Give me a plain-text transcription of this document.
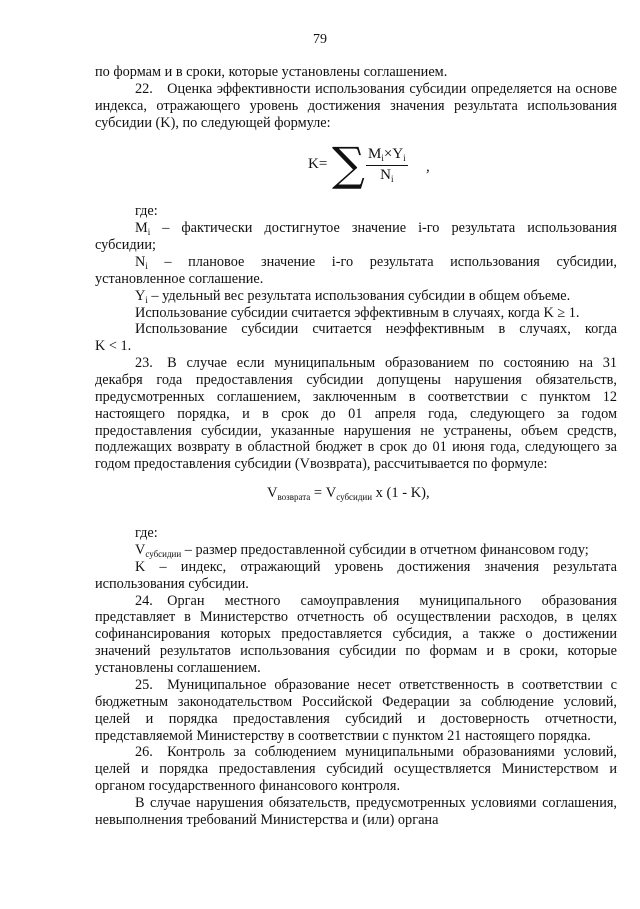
79

по формам и в сроки, которые установлены соглашением.

22. Оценка эффективности использования субсидии определяется на основе индекса, отражающего уровень достижения значения результата использования субсидии (K), по следующей формуле:

K= ∑ $\frac{M_i\times Y_i}{N_i}$ ,

где:

$M_i$ – фактически достигнутое значение i-го результата использования субсидии;

$N_i$ – плановое значение i-го результата использования субсидии, установленное соглашение.

$Y_i$ – удельный вес результата использования субсидии в общем объеме.

Использование субсидии считается эффективным в случаях, когда K ≥ 1.

Использование субсидии считается неэффективным в случаях, когда

K < 1.

23. В случае если муниципальным образованием по состоянию на 31 декабря года предоставления субсидии допущены нарушения обязательств, предусмотренных соглашением, заключенным в соответствии с пунктом 12 настоящего порядка, и в срок до 01 апреля года, следующего за годом предоставления субсидии, указанные нарушения не устранены, объем средств, подлежащих возврату в областной бюджет в срок до 01 июня года, следующего за годом предоставления субсидии (Vвозврата), рассчитывается по формуле:

$V_{возврата} = V_{субсидии}$ x (1 - K),

где:

$V_{субсидии}$ – размер предоставленной субсидии в отчетном финансовом году;

K – индекс, отражающий уровень достижения значения результата использования субсидии.

24. Орган местного самоуправления муниципального образования представляет в Министерство отчетность об осуществлении расходов, в целях софинансирования которых предоставляется субсидия, а также о достижении значений результатов использования субсидии по формам и в сроки, которые установлены соглашением.

25. Муниципальное образование несет ответственность в соответствии с бюджетным законодательством Российской Федерации за соблюдение условий, целей и порядка предоставления субсидий и достоверность отчетности, представляемой Министерству в соответствии с пунктом 21 настоящего порядка.

26. Контроль за соблюдением муниципальными образованиями условий, целей и порядка предоставления субсидий осуществляется Министерством и органом государственного финансового контроля.

В случае нарушения обязательств, предусмотренных условиями соглашения, невыполнения требований Министерства и (или) органа
